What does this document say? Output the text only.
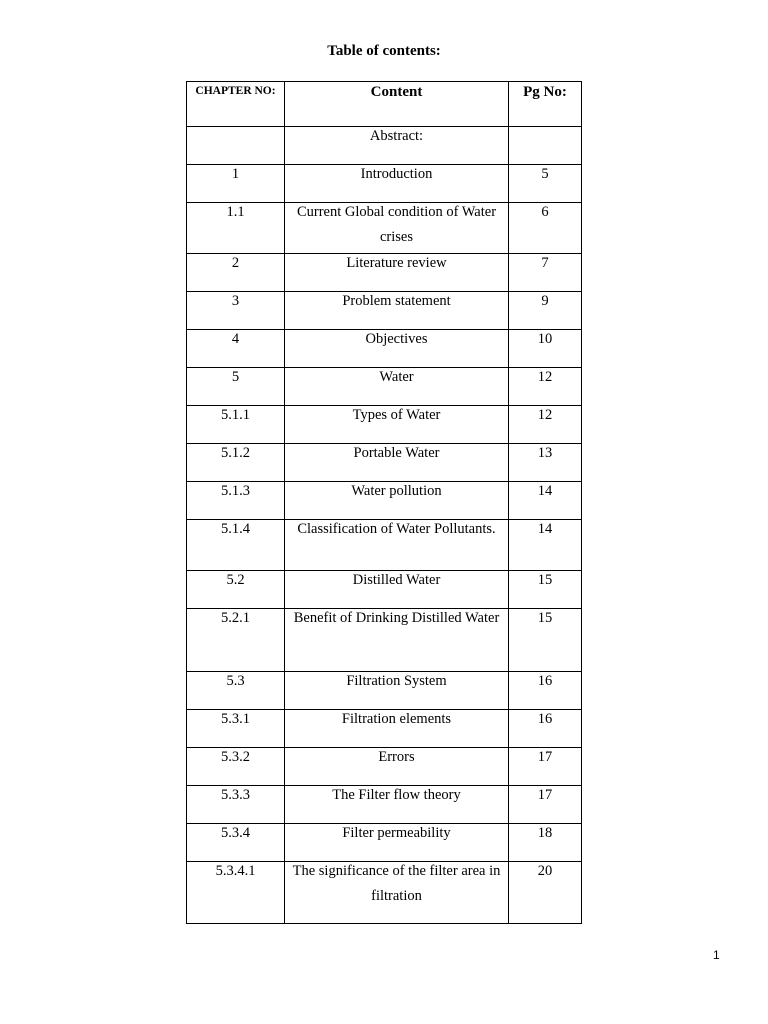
Table of contents:
CHAPTER NO:	Content	Pg No:

	Abstract:	

1	Introduction	5

1.1	Current Global condition of Water crises	6

2	Literature review	7

3	Problem statement	9

4	Objectives	10

5	Water	12

5.1.1	Types of Water	12

5.1.2	Portable Water	13

5.1.3	Water pollution	14

5.1.4	Classification of Water Pollutants.	14

5.2	Distilled Water	15

5.2.1	Benefit of Drinking Distilled Water	15

5.3	Filtration System	16

5.3.1	Filtration elements	16

5.3.2	Errors	17

5.3.3	The Filter flow theory	17

5.3.4	Filter permeability	18

5.3.4.1	The significance of the filter area in filtration	20
1
